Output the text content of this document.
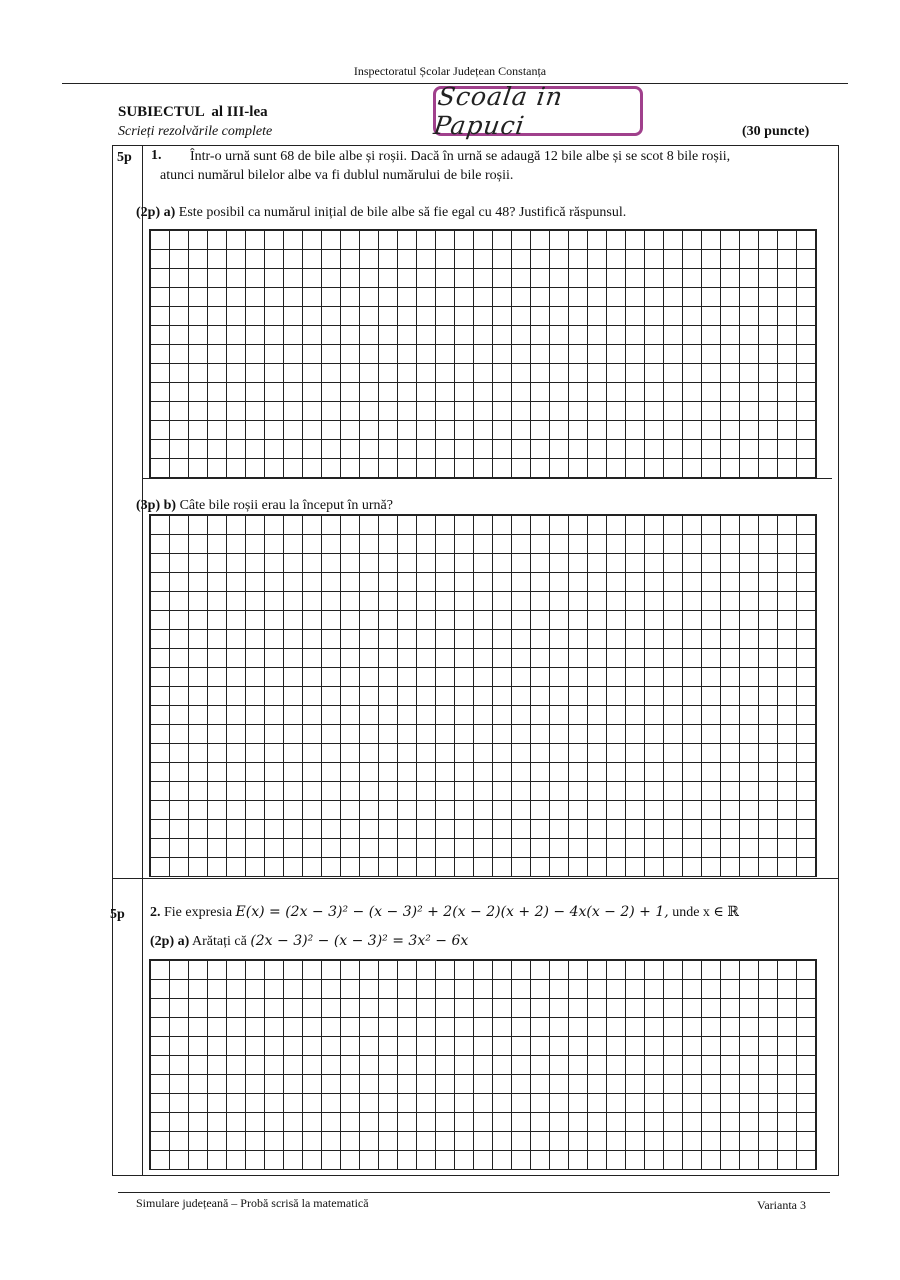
Inspectoratul Școlar Județean Constanța
SUBIECTUL  al III-lea
Scrieți rezolvările complete	(30 puncte)
Scoala in Papuci
5p 1. Într-o urnă sunt 68 de bile albe și roșii. Dacă în urnă se adaugă 12 bile albe și se scot 8 bile roșii,
atunci numărul bilelor albe va fi dublul numărului de bile roșii.
(2p) a) Este posibil ca numărul inițial de bile albe să fie egal cu 48? Justifică răspunsul.
(3p) b) Câte bile roșii erau la început în urnă?
5p 2. Fie expresia E(x) = (2x − 3)² − (x − 3)² + 2(x − 2)(x + 2) − 4x(x − 2) + 1, unde x ∈ ℝ
(2p) a) Arătați că (2x − 3)² − (x − 3)² = 3x² − 6x
Simulare județeană – Probă scrisă la matematică	Varianta 3
